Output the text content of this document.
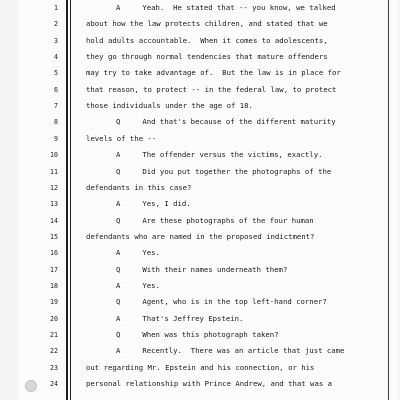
1	A     Yeah.  He stated that -- you know, we talked
2	about how the law protects children, and stated that we
3	hold adults accountable.  When it comes to adolescents,
4	they go through normal tendencies that mature offenders
5	may try to take advantage of.  But the law is in place for
6	that reason, to protect -- in the federal law, to protect
7	those individuals under the age of 18.
8	Q     And that's because of the different maturity
9	levels of the --
10	A     The offender versus the victims, exactly.
11	Q     Did you put together the photographs of the
12	defendants in this case?
13	A     Yes, I did.
14	Q     Are these photographs of the four human
15	defendants who are named in the proposed indictment?
16	A     Yes.
17	Q     With their names underneath them?
18	A     Yes.
19	Q     Agent, who is in the top left-hand corner?
20	A     That's Jeffrey Epstein.
21	Q     When was this photograph taken?
22	A     Recently.  There was an article that just came
23	out regarding Mr. Epstein and his connection, or his
24	personal relationship with Prince Andrew, and that was a
